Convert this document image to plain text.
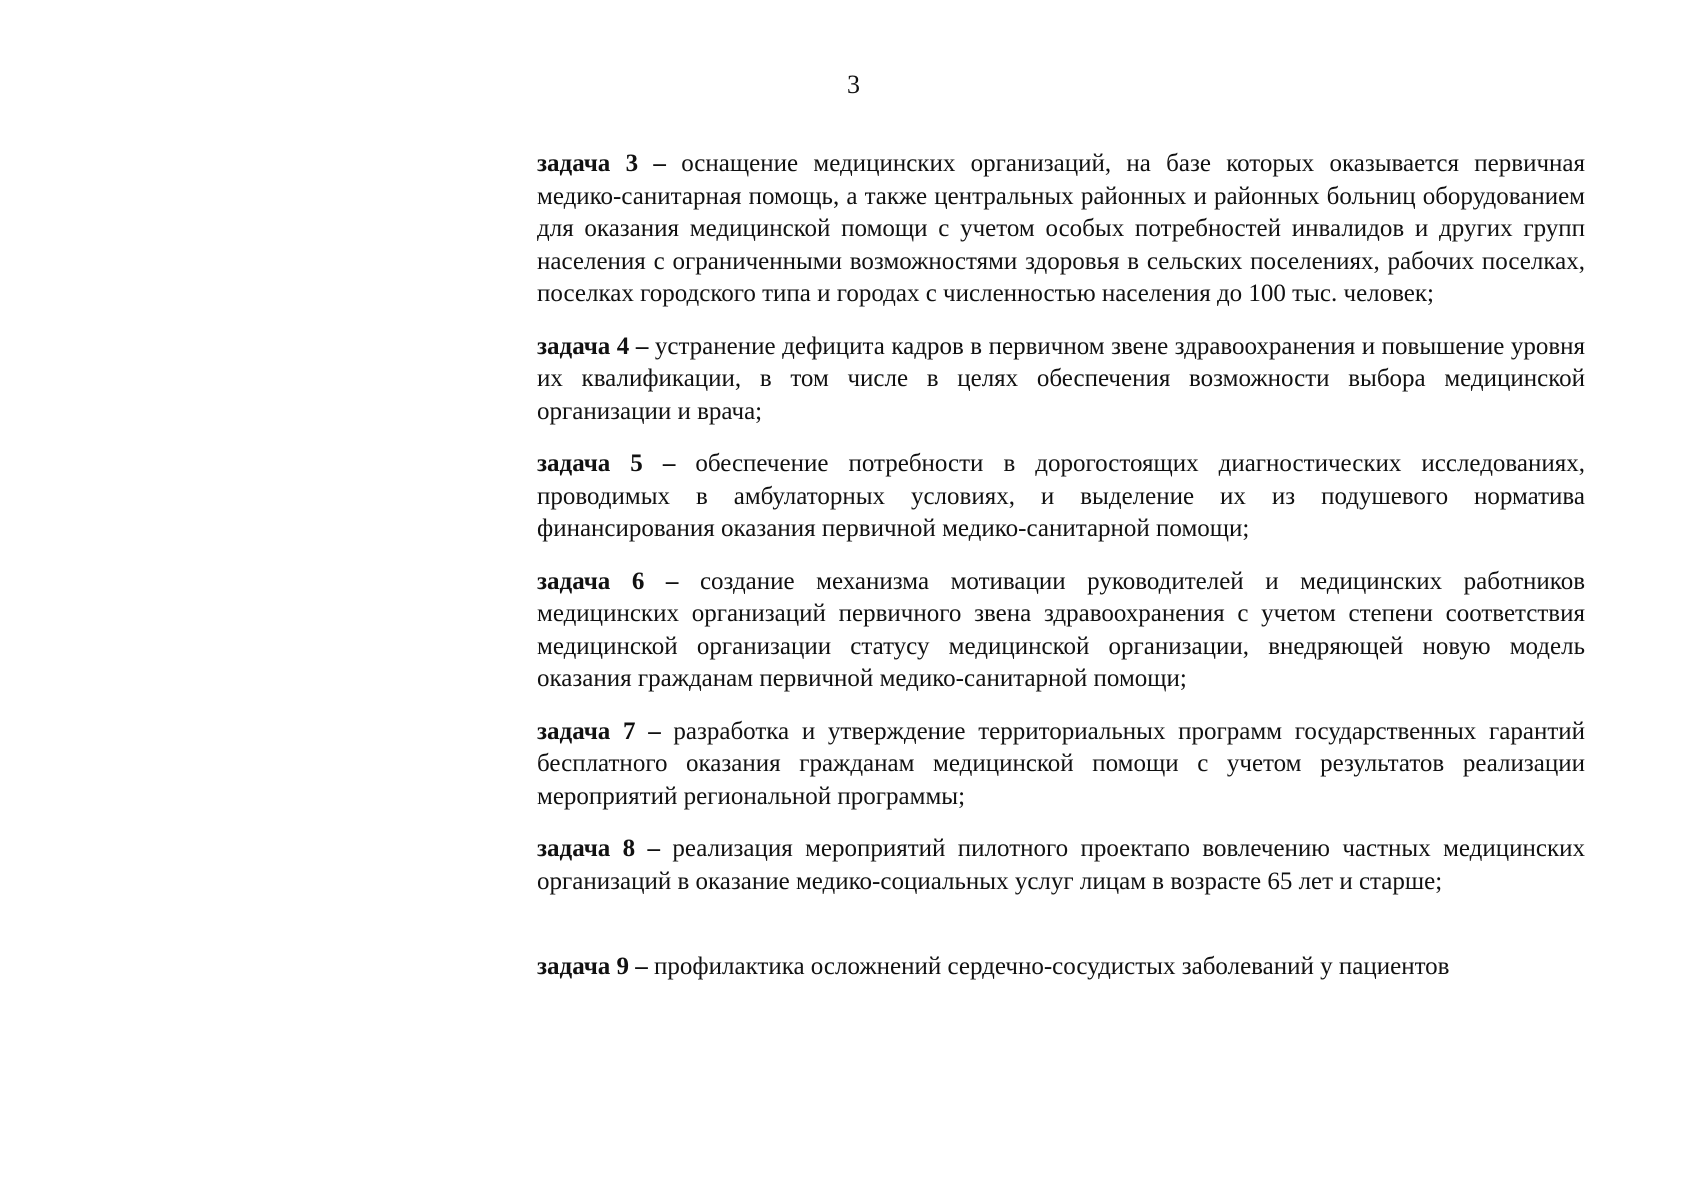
3

задача 3 – оснащение медицинских организаций, на базе которых оказывается первичная медико-санитарная помощь, а также центральных районных и районных больниц оборудованием для оказания медицинской помощи с учетом особых потребностей инвалидов и других групп населения с ограниченными возможностями здоровья в сельских поселениях, рабочих поселках, поселках городского типа и городах с численностью населения до 100 тыс. человек;

задача 4 – устранение дефицита кадров в первичном звене здравоохранения и повышение уровня их квалификации, в том числе в целях обеспечения возможности выбора медицинской организации и врача;

задача 5 – обеспечение потребности в дорогостоящих диагностических исследованиях, проводимых в амбулаторных условиях, и выделение их из подушевого норматива финансирования оказания первичной медико-санитарной помощи;

задача 6 – создание механизма мотивации руководителей и медицинских работников медицинских организаций первичного звена здравоохранения с учетом степени соответствия медицинской организации статусу медицинской организации, внедряющей новую модель оказания гражданам первичной медико-санитарной помощи;

задача 7 – разработка и утверждение территориальных программ государственных гарантий бесплатного оказания гражданам медицинской помощи с учетом результатов реализации мероприятий региональной программы;

задача 8 – реализация мероприятий пилотного проектапо вовлечению частных медицинских организаций в оказание медико-социальных услуг лицам в возрасте 65 лет и старше;

задача 9 – профилактика осложнений сердечно-сосудистых заболеваний у пациентов
